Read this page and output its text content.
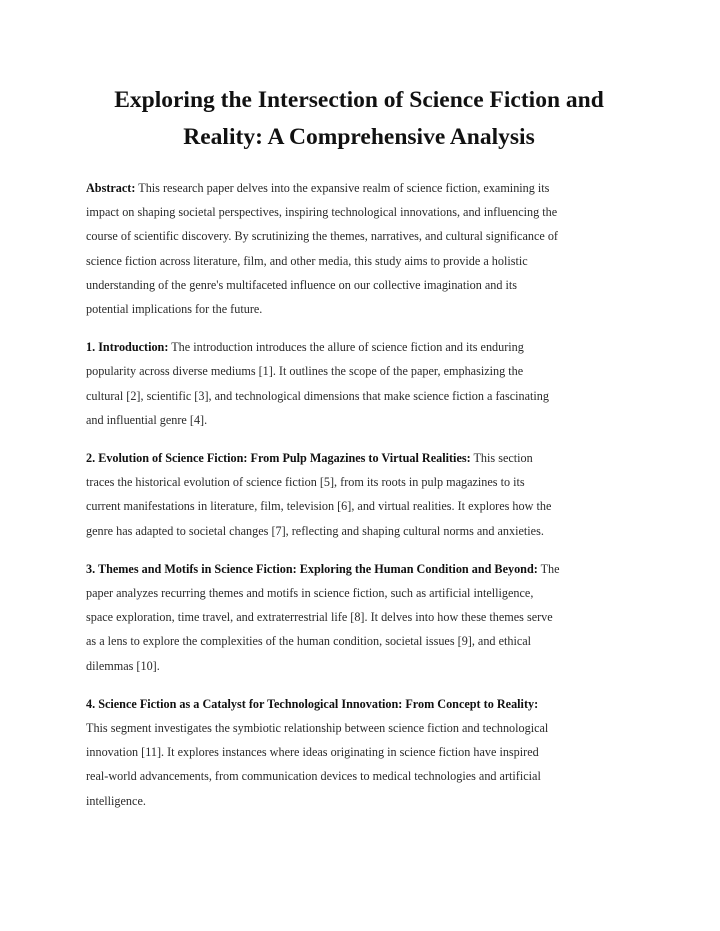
Exploring the Intersection of Science Fiction and
Reality: A Comprehensive Analysis

Abstract: This research paper delves into the expansive realm of science fiction, examining its
impact on shaping societal perspectives, inspiring technological innovations, and influencing the
course of scientific discovery. By scrutinizing the themes, narratives, and cultural significance of
science fiction across literature, film, and other media, this study aims to provide a holistic
understanding of the genre's multifaceted influence on our collective imagination and its
potential implications for the future.

1. Introduction: The introduction introduces the allure of science fiction and its enduring
popularity across diverse mediums [1]. It outlines the scope of the paper, emphasizing the
cultural [2], scientific [3], and technological dimensions that make science fiction a fascinating
and influential genre [4].

2. Evolution of Science Fiction: From Pulp Magazines to Virtual Realities: This section
traces the historical evolution of science fiction [5], from its roots in pulp magazines to its
current manifestations in literature, film, television [6], and virtual realities. It explores how the
genre has adapted to societal changes [7], reflecting and shaping cultural norms and anxieties.

3. Themes and Motifs in Science Fiction: Exploring the Human Condition and Beyond: The
paper analyzes recurring themes and motifs in science fiction, such as artificial intelligence,
space exploration, time travel, and extraterrestrial life [8]. It delves into how these themes serve
as a lens to explore the complexities of the human condition, societal issues [9], and ethical
dilemmas [10].

4. Science Fiction as a Catalyst for Technological Innovation: From Concept to Reality:
This segment investigates the symbiotic relationship between science fiction and technological
innovation [11]. It explores instances where ideas originating in science fiction have inspired
real-world advancements, from communication devices to medical technologies and artificial
intelligence.
